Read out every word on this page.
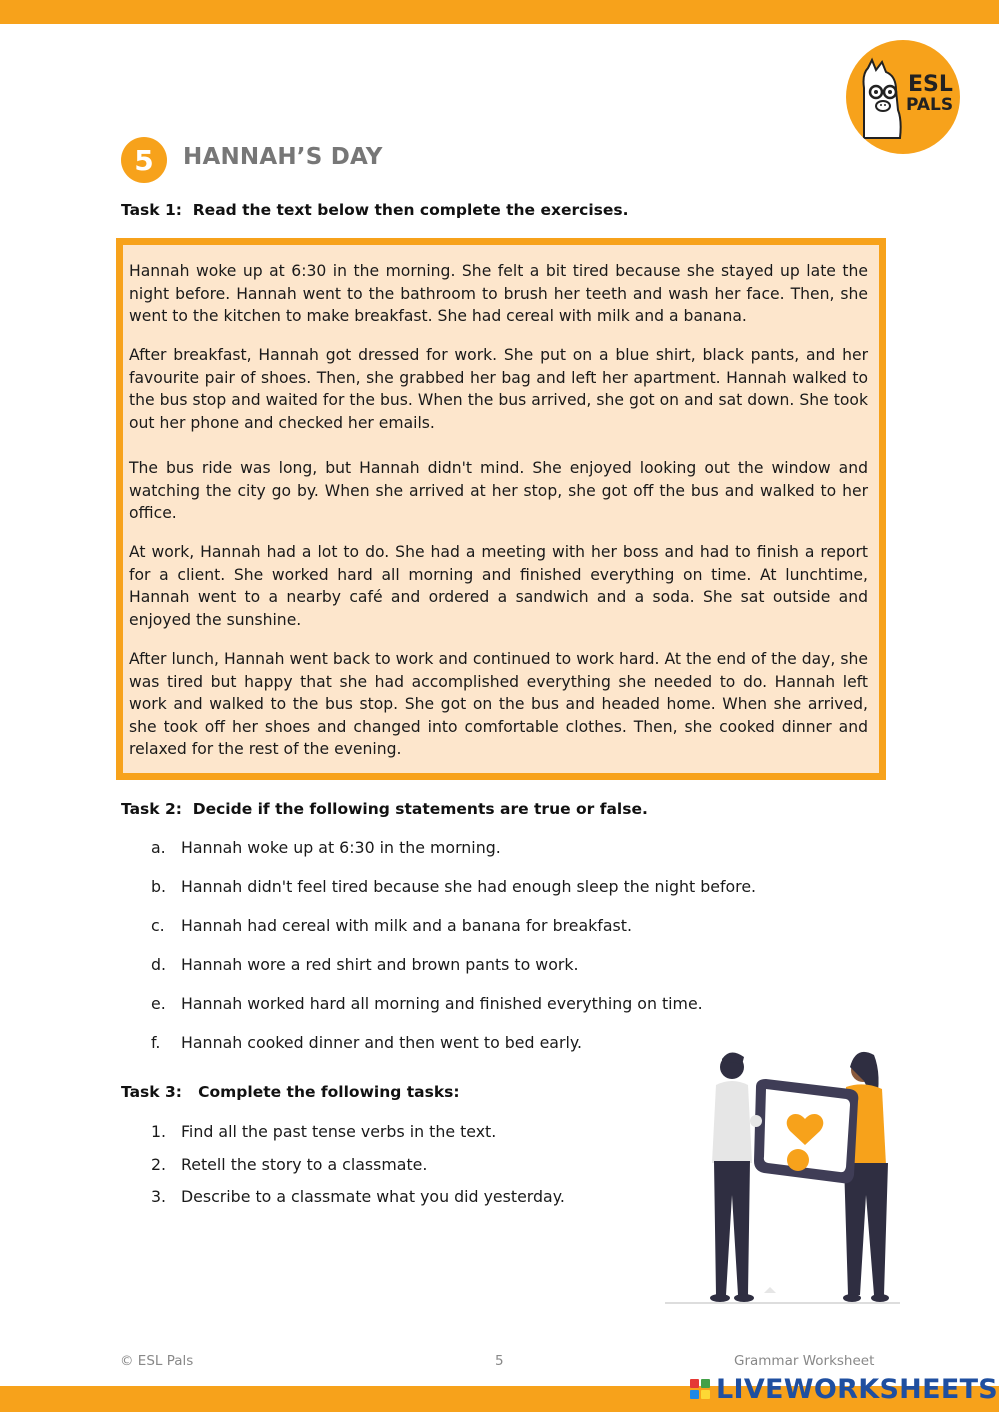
ESL
PALS
5	HANNAH’S DAY
Task 1:  Read the text below then complete the exercises.

Hannah woke up at 6:30 in the morning. She felt a bit tired because she stayed up late the night before. Hannah went to the bathroom to brush her teeth and wash her face. Then, she went to the kitchen to make breakfast. She had cereal with milk and a banana.

After breakfast, Hannah got dressed for work. She put on a blue shirt, black pants, and her favourite pair of shoes. Then, she grabbed her bag and left her apartment. Hannah walked to the bus stop and waited for the bus. When the bus arrived, she got on and sat down. She took out her phone and checked her emails.

The bus ride was long, but Hannah didn't mind. She enjoyed looking out the window and watching the city go by. When she arrived at her stop, she got off the bus and walked to her office.

At work, Hannah had a lot to do. She had a meeting with her boss and had to finish a report for a client. She worked hard all morning and finished everything on time. At lunchtime, Hannah went to a nearby café and ordered a sandwich and a soda. She sat outside and enjoyed the sunshine.

After lunch, Hannah went back to work and continued to work hard. At the end of the day, she was tired but happy that she had accomplished everything she needed to do. Hannah left work and walked to the bus stop. She got on the bus and headed home. When she arrived, she took off her shoes and changed into comfortable clothes. Then, she cooked dinner and relaxed for the rest of the evening.

Task 2:  Decide if the following statements are true or false.
a. Hannah woke up at 6:30 in the morning.
b. Hannah didn't feel tired because she had enough sleep the night before.
c.	Hannah had cereal with milk and a banana for breakfast.
d. Hannah wore a red shirt and brown pants to work.
e. Hannah worked hard all morning and finished everything on time.
f.	Hannah cooked dinner and then went to bed early.
Task 3:   Complete the following tasks:
1. Find all the past tense verbs in the text.
2. Retell the story to a classmate.
3. Describe to a classmate what you did yesterday.
© ESL Pals	5	Grammar Worksheet
LIVEWORKSHEETS
